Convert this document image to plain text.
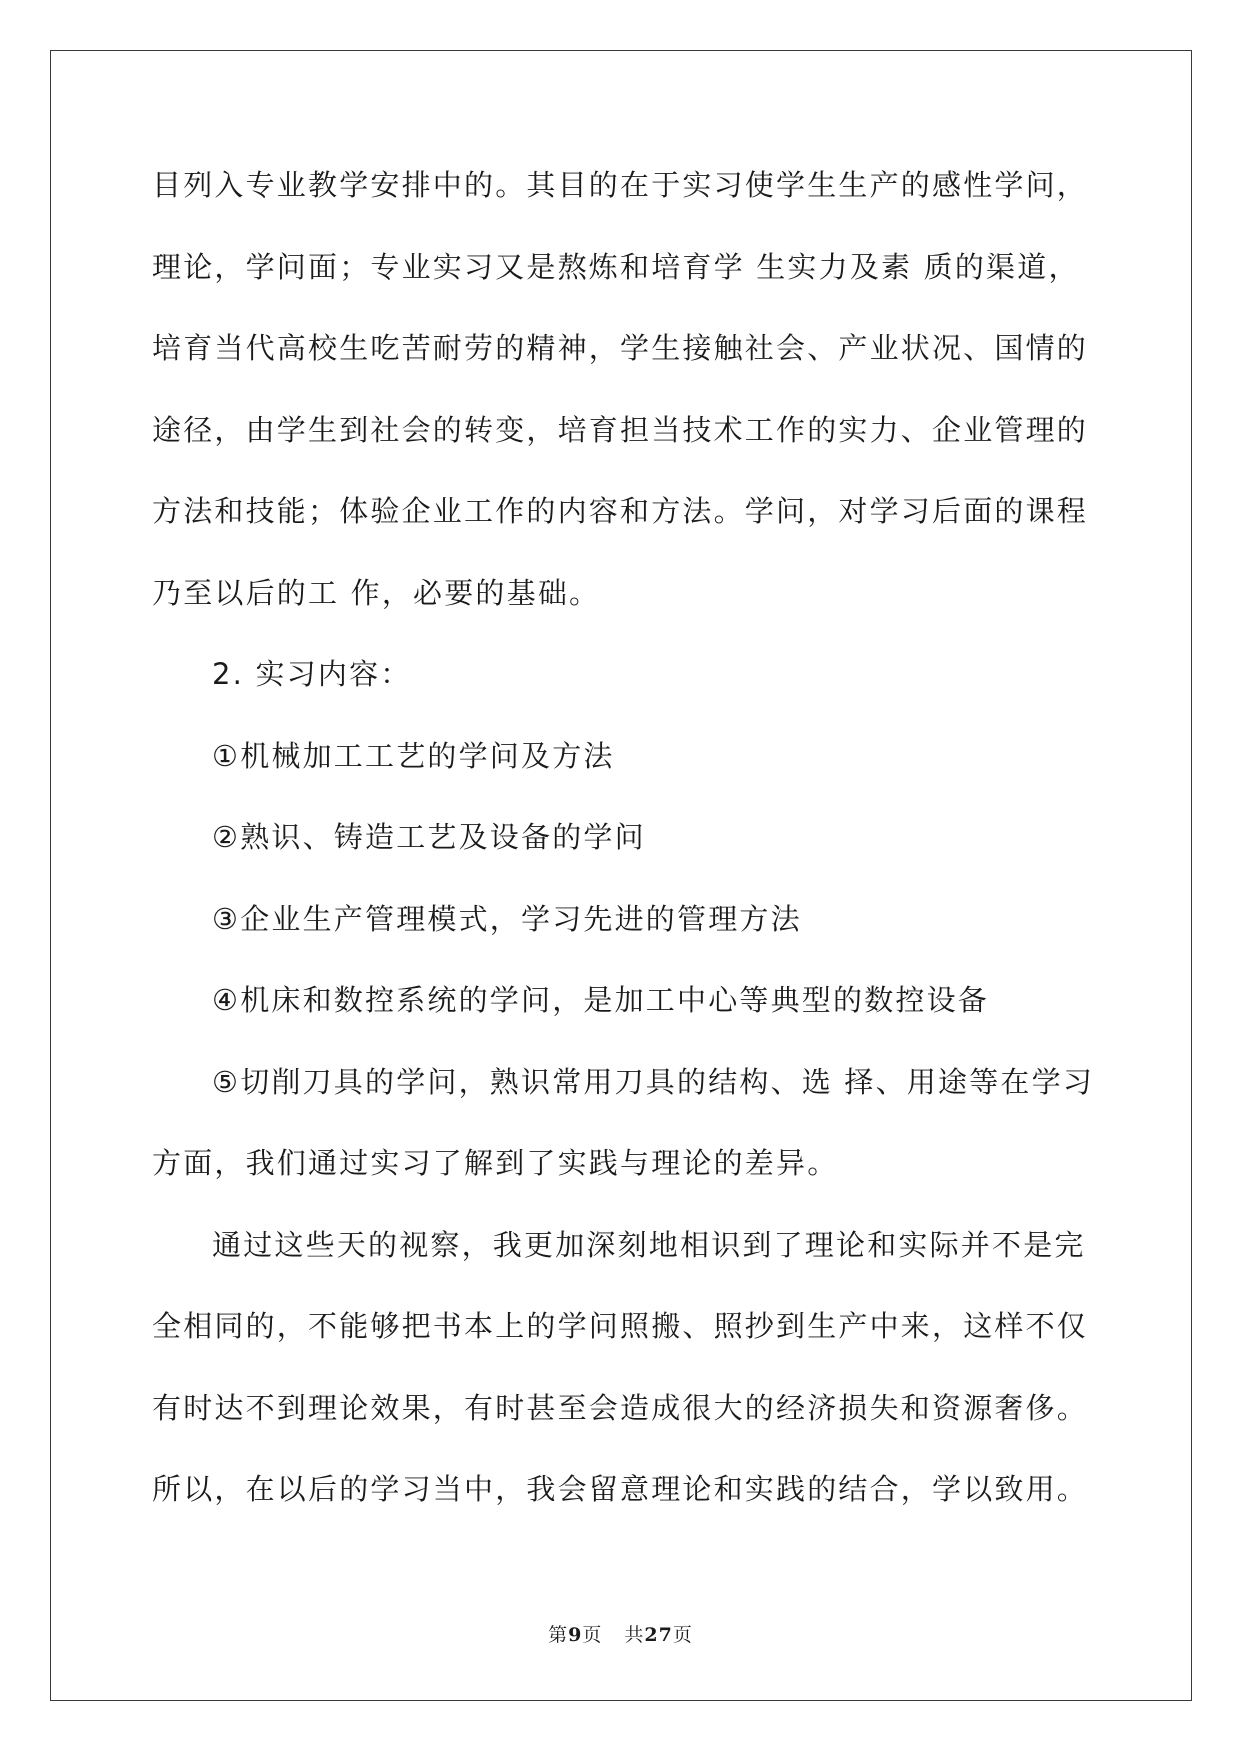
目列入专业教学安排中的。其目的在于实习使学生生产的感性学问，
理论，学问面；专业实习又是熬炼和培育学 生实力及素 质的渠道，
培育当代高校生吃苦耐劳的精神，学生接触社会、产业状况、国情的
途径，由学生到社会的转变，培育担当技术工作的实力、企业管理的
方法和技能；体验企业工作的内容和方法。学问，对学习后面的课程
乃至以后的工 作，必要的基础。
2. 实习内容：
①机械加工工艺的学问及方法
②熟识、铸造工艺及设备的学问
③企业生产管理模式，学习先进的管理方法
④机床和数控系统的学问，是加工中心等典型的数控设备
⑤切削刀具的学问，熟识常用刀具的结构、选 择、用途等在学习
方面，我们通过实习了解到了实践与理论的差异。
通过这些天的视察，我更加深刻地相识到了理论和实际并不是完
全相同的，不能够把书本上的学问照搬、照抄到生产中来，这样不仅
有时达不到理论效果，有时甚至会造成很大的经济损失和资源奢侈。
所以，在以后的学习当中，我会留意理论和实践的结合，学以致用。
第9页 共27页
